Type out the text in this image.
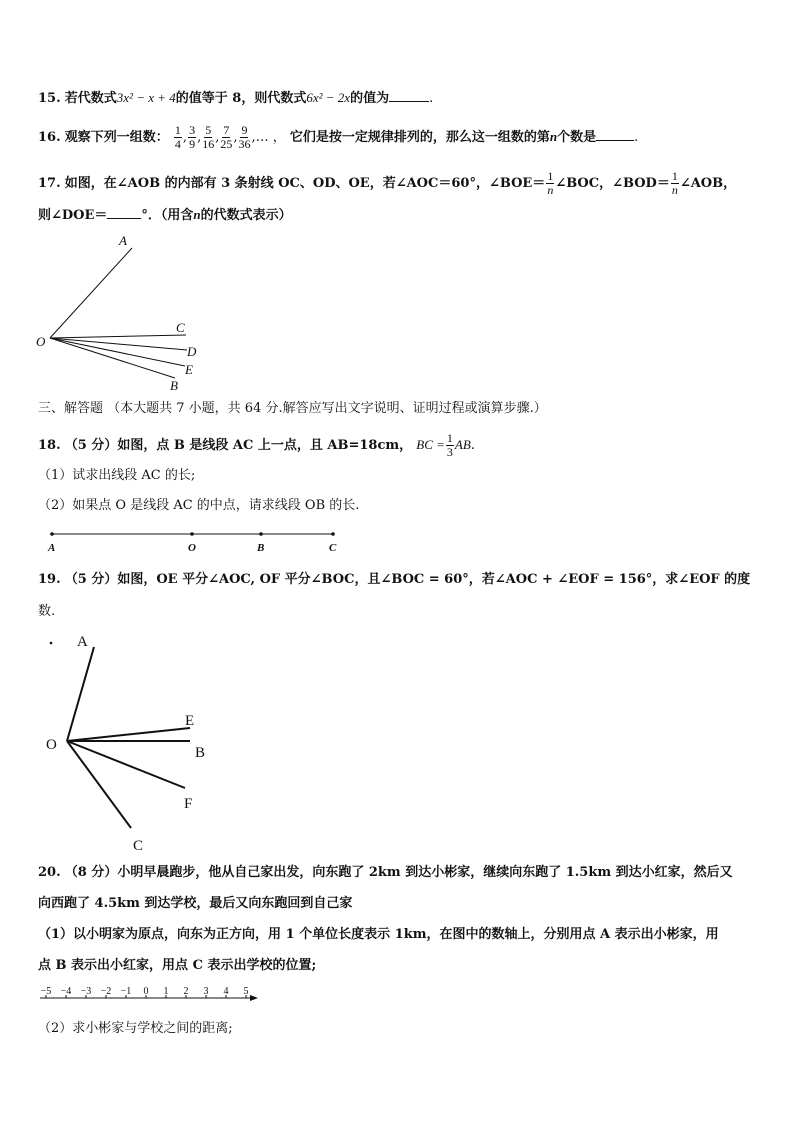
15. 若代数式3x² − x + 4的值等于 8，则代数式6x² − 2x的值为	.
16. 观察下列一组数： $\frac{1}{4}$ , $\frac{3}{9}$ , $\frac{5}{16}$ , $\frac{7}{25}$ , $\frac{9}{36}$ ,… ， 它们是按一定规律排列的，那么这一组数的第n个数是	.
17. 如图，在∠AOB 的内部有 3 条射线 OC、OD、OE，若∠AOC＝60°，∠BOE＝ $\frac{1}{n}$ ∠BOC，∠BOD＝ $\frac{1}{n}$ ∠AOB，
则∠DOE＝	°．（用含n的代数式表示）
A
O
C
D
E
B
三、解答题 （本大题共 7 小题，共 64 分.解答应写出文字说明、证明过程或演算步骤.）
18. （5 分）如图，点 B 是线段 AC 上一点，且 AB=18cm， BC = $\frac{1}{3}$ AB.
（1）试求出线段 AC 的长;
（2）如果点 O 是线段 AC 的中点，请求线段 OB 的长.
A	O	B	C
19. （5 分）如图，OE 平分∠AOC, OF 平分∠BOC，且∠BOC = 60°，若∠AOC + ∠EOF = 156°，求∠EOF 的度
数.
A
E
O	B
F
C
20. （8 分）小明早晨跑步，他从自己家出发，向东跑了 2km 到达小彬家，继续向东跑了 1.5km 到达小红家，然后又
向西跑了 4.5km 到达学校，最后又向东跑回到自己家
（1）以小明家为原点，向东为正方向，用 1 个单位长度表示 1km，在图中的数轴上，分别用点 A 表示出小彬家，用
点 B 表示出小红家，用点 C 表示出学校的位置;
−5 −4 −3 −2 −1 0 1 2 3 4 5
（2）求小彬家与学校之间的距离;
